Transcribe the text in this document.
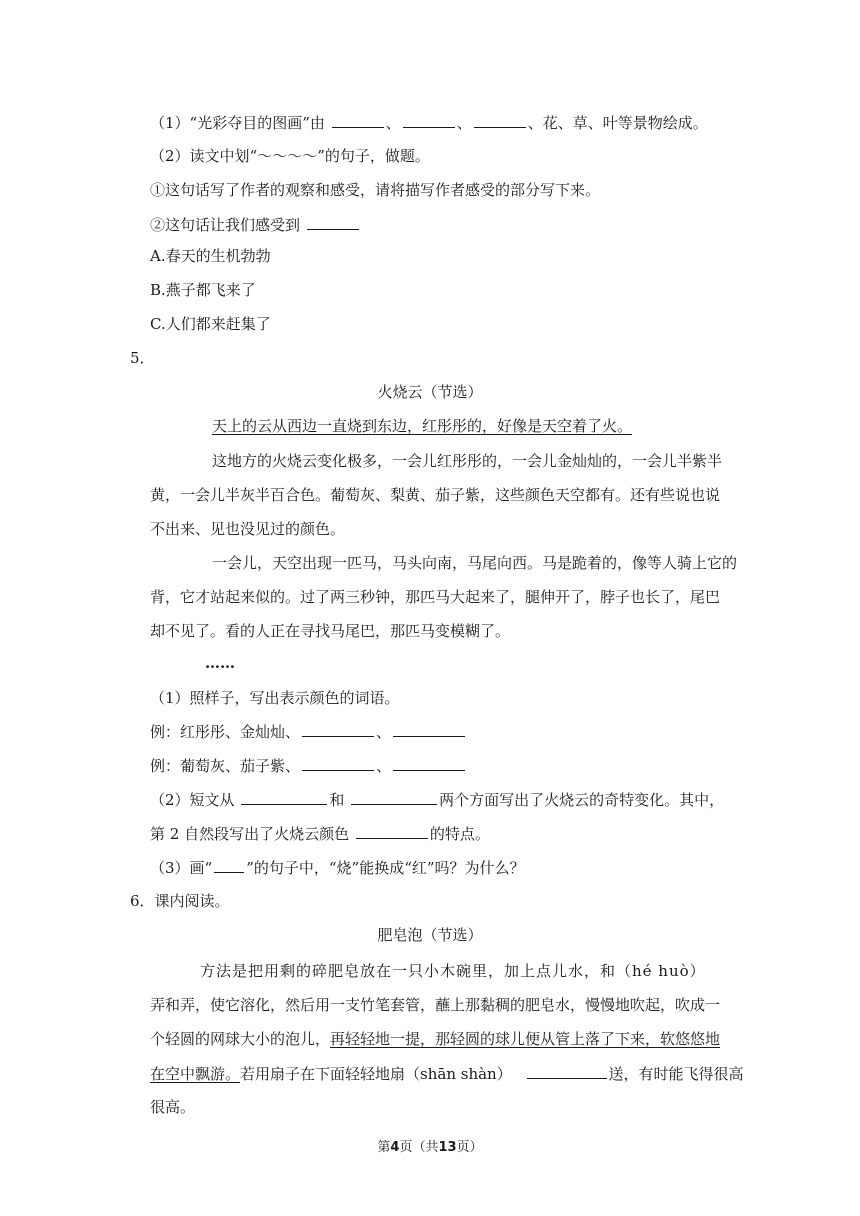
（1）“光彩夺目的图画”由	、	、	、花、草、叶等景物绘成。
（2）读文中划“～～～～”的句子，做题。
①这句话写了作者的观察和感受，请将描写作者感受的部分写下来。
②这句话让我们感受到
A.春天的生机勃勃
B.燕子都飞来了
C.人们都来赶集了
5．
火烧云（节选）
天上的云从西边一直烧到东边，红彤彤的，好像是天空着了火。
这地方的火烧云变化极多，一会儿红彤彤的，一会儿金灿灿的，一会儿半紫半
黄，一会儿半灰半百合色。葡萄灰、梨黄、茄子紫，这些颜色天空都有。还有些说也说
不出来、见也没见过的颜色。
一会儿，天空出现一匹马，马头向南，马尾向西。马是跪着的，像等人骑上它的
背，它才站起来似的。过了两三秒钟，那匹马大起来了，腿伸开了，脖子也长了，尾巴
却不见了。看的人正在寻找马尾巴，那匹马变模糊了。
……
（1）照样子，写出表示颜色的词语。
例：红彤彤、金灿灿、	、
例：葡萄灰、茄子紫、	、
（2）短文从	和	两个方面写出了火烧云的奇特变化。其中，
第 2 自然段写出了火烧云颜色	的特点。
（3）画“ ”的句子中，“烧”能换成“红”吗？为什么？
6．课内阅读。
肥皂泡（节选）
方法是把用剩的碎肥皂放在一只小木碗里，加上点儿水，和（hé huò）
弄和弄，使它溶化，然后用一支竹笔套管，蘸上那黏稠的肥皂水，慢慢地吹起，吹成一
个轻圆的网球大小的泡儿，再轻轻地一提，那轻圆的球儿便从管上落了下来，软悠悠地
在空中飘游。若用扇子在下面轻轻地扇（shān shàn）	送，有时能飞得很高
很高。
第4页（共13页）
